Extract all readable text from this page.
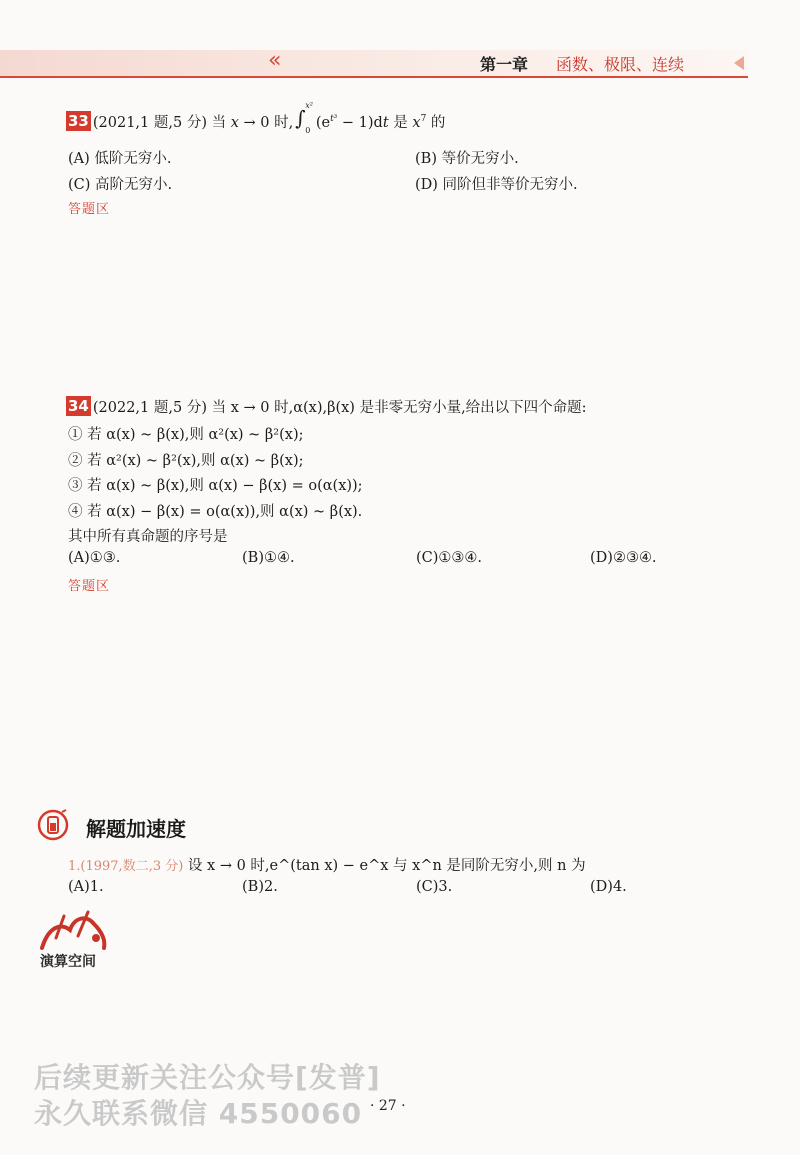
«	第一章 函数、极限、连续
33 (2021,1 题,5 分) 当 x → 0 时, ∫
x²
0 $(e^{t^3} - 1)dt$ 是 $x^7$ 的
(A) 低阶无穷小.	(B) 等价无穷小.
(C) 高阶无穷小.	(D) 同阶但非等价无穷小.
答题区
34 (2022,1 题,5 分) 当 x → 0 时,α(x),β(x) 是非零无穷小量,给出以下四个命题:
① 若 α(x) ~ β(x),则 α²(x) ~ β²(x);
② 若 α²(x) ~ β²(x),则 α(x) ~ β(x);
③ 若 α(x) ~ β(x),则 α(x) − β(x) = o(α(x));
④ 若 α(x) − β(x) = o(α(x)),则 α(x) ~ β(x).
其中所有真命题的序号是
(A)①③.	(B)①④.	(C)①③④.	(D)②③④.
答题区
解题加速度
1.(1997,数二,3 分) 设 x → 0 时,e^(tan x) − e^x 与 x^n 是同阶无穷小,则 n 为
(A)1.	(B)2.	(C)3.	(D)4.
演算空间
后续更新关注公众号[发普]
永久联系微信 4550060 · 27 ·
